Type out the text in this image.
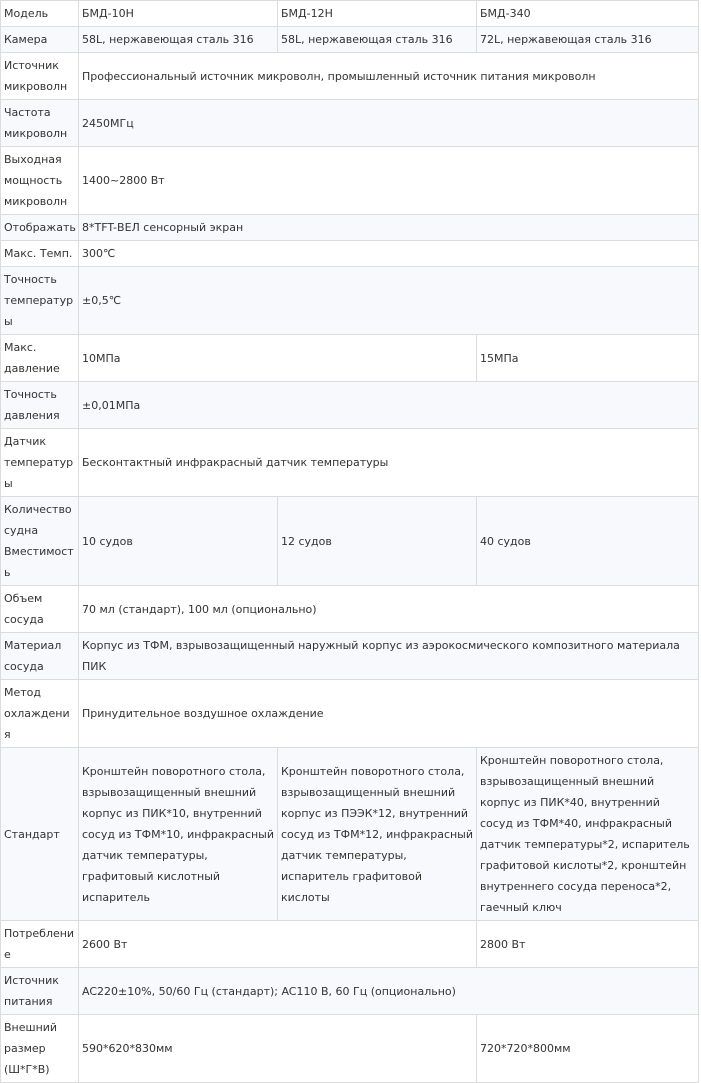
Модель	БМД-10Н	БМД-12Н	БМД-340
Камера	58L, нержавеющая сталь 316	58L, нержавеющая сталь 316	72L, нержавеющая сталь 316
Источник микроволн	Профессиональный источник микроволн, промышленный источник питания микроволн		
Частота микроволн	2450МГц		
Выходная мощность микроволн	1400~2800 Вт		
Отображать	8*TFT-ВЕЛ сенсорный экран		
Макс. Темп.	300℃		
Точность температуры	±0,5℃		
Макс. давление	10МПа		15МПа
Точность давления	±0,01МПа		
Датчик температуры	Бесконтактный инфракрасный датчик температуры		
Количество судна Вместимость	10 судов	12 судов	40 судов
Объем сосуда	70 мл (стандарт), 100 мл (опционально)		
Материал сосуда	Корпус из ТФМ, взрывозащищенный наружный корпус из аэрокосмического композитного материала ПИК		
Метод охлаждения	Принудительное воздушное охлаждение		
Стандарт	Кронштейн поворотного стола, взрывозащищенный внешний корпус из ПИК*10, внутренний сосуд из ТФМ*10, инфракрасный датчик температуры, графитовый кислотный испаритель	Кронштейн поворотного стола, взрывозащищенный внешний корпус из ПЭЭК*12, внутренний сосуд из ТФМ*12, инфракрасный датчик температуры, испаритель графитовой кислоты	Кронштейн поворотного стола, взрывозащищенный внешний корпус из ПИК*40, внутренний сосуд из ТФМ*40, инфракрасный датчик температуры*2, испаритель графитовой кислоты*2, кронштейн внутреннего сосуда переноса*2, гаечный ключ
Потребление	2600 Вт		2800 Вт
Источник питания	AC220±10%, 50/60 Гц (стандарт); AC110 В, 60 Гц (опционально)		
Внешний размер (Ш*Г*В)	590*620*830мм		720*720*800мм
